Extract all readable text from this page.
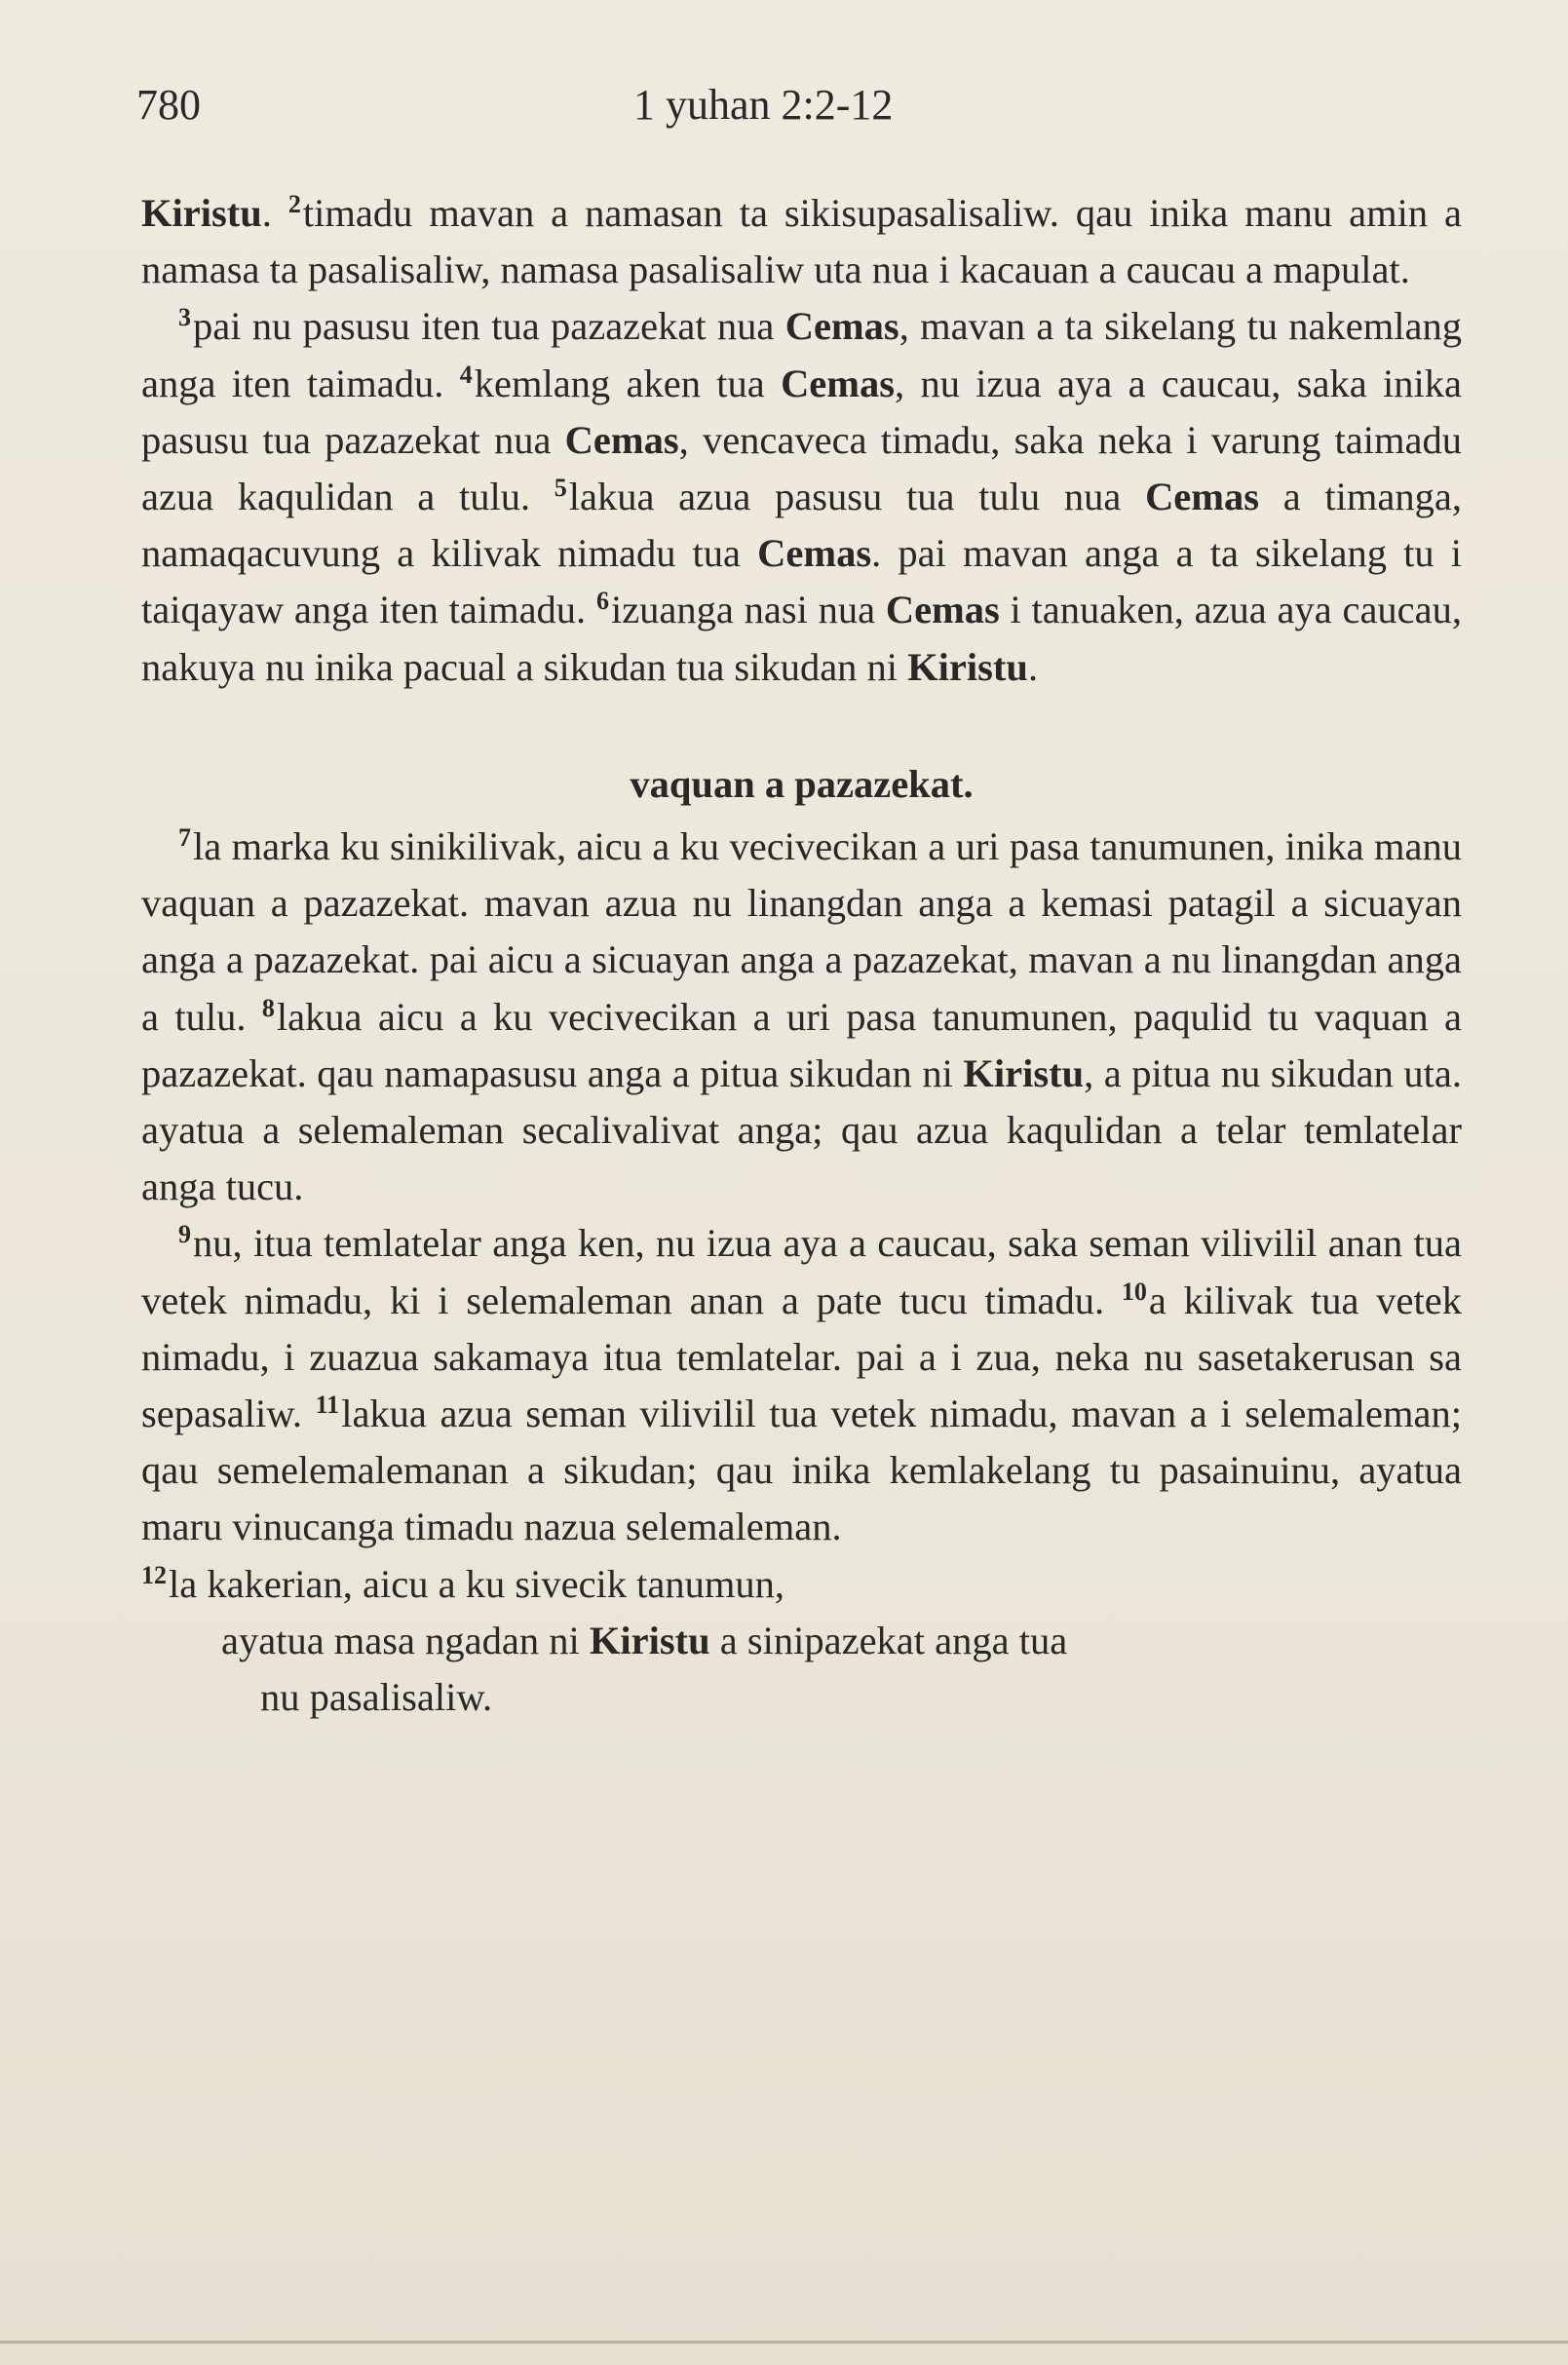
780	1 yuhan 2:2-12

Kiristu. $^2$timadu mavan a namasan ta sikisupasalisaliw. qau inika manu amin a namasa ta pasalisaliw, namasa pasalisaliw uta nua i kacauan a caucau a mapulat.

$^3$pai nu pasusu iten tua pazazekat nua Cemas, mavan a ta sikelang tu nakemlang anga iten taimadu. $^4$kemlang aken tua Cemas, nu izua aya a caucau, saka inika pasusu tua pazazekat nua Cemas, vencaveca timadu, saka neka i varung taimadu azua kaqulidan a tulu. $^5$lakua azua pasusu tua tulu nua Cemas a timanga, namaqacuvung a kilivak nimadu tua Cemas. pai mavan anga a ta sikelang tu i taiqayaw anga iten taimadu. $^6$izuanga nasi nua Cemas i tanuaken, azua aya caucau, nakuya nu inika pacual a sikudan tua sikudan ni Kiristu.

vaquan a pazazekat.

$^7$la marka ku sinikilivak, aicu a ku vecivecikan a uri pasa tanumunen, inika manu vaquan a pazazekat. mavan azua nu linangdan anga a kemasi patagil a sicuayan anga a pazazekat. pai aicu a sicuayan anga a pazazekat, mavan a nu linangdan anga a tulu. $^8$lakua aicu a ku vecivecikan a uri pasa tanumunen, paqulid tu vaquan a pazazekat. qau namapasusu anga a pitua sikudan ni Kiristu, a pitua nu sikudan uta. ayatua a selemaleman secalivalivat anga; qau azua kaqulidan a telar temlatelar anga tucu.

$^9$nu, itua temlatelar anga ken, nu izua aya a caucau, saka seman vilivilil anan tua vetek nimadu, ki i selemaleman anan a pate tucu timadu. $^{10}$a kilivak tua vetek nimadu, i zuazua sakamaya itua temlatelar. pai a i zua, neka nu sasetakerusan sa sepasaliw. $^{11}$lakua azua seman vilivilil tua vetek nimadu, mavan a i selemaleman; qau semelemalemanan a sikudan; qau inika kemlakelang tu pasainuinu, ayatua maru vinucanga timadu nazua selemaleman.

$^{12}$la kakerian, aicu a ku sivecik tanumun,

ayatua masa ngadan ni Kiristu a sinipazekat anga tua

nu pasalisaliw.
